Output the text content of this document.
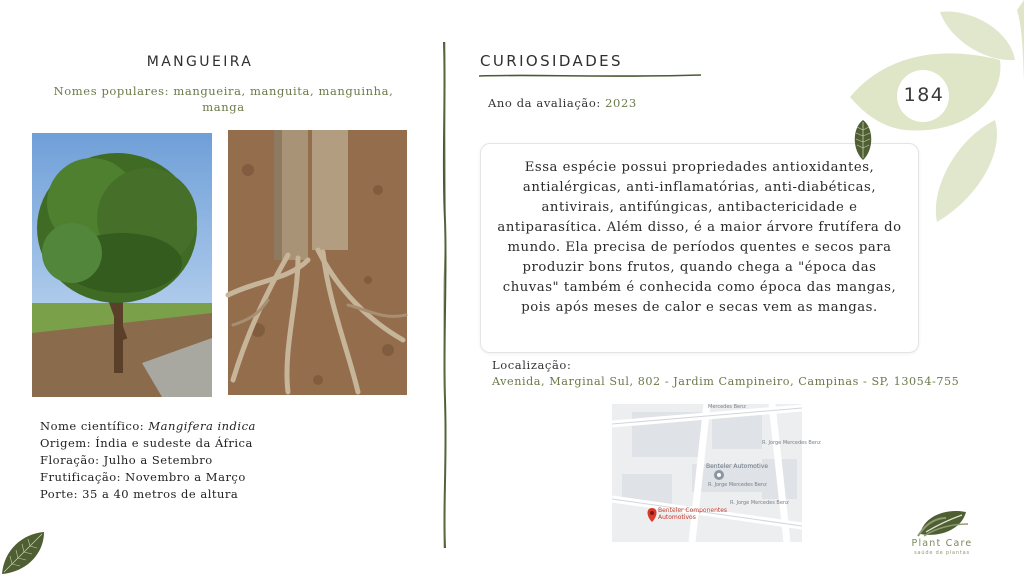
MANGUEIRA
Nomes populares: mangueira, manguita, manguinha, manga
Nome científico: Mangifera indica
Origem: Índia e sudeste da África
Floração: Julho a Setembro
Frutificação: Novembro a Março
Porte: 35 a 40 metros de altura
CURIOSIDADES
Ano da avaliação: 2023
Essa espécie possui propriedades antioxidantes, antialérgicas, anti-inflamatórias, anti-diabéticas, antivirais, antifúngicas, antibactericidade e antiparasítica. Além disso, é a maior árvore frutífera do mundo. Ela precisa de períodos quentes e secos para produzir bons frutos, quando chega a "época das chuvas" também é conhecida como época das mangas, pois após meses de calor e secas vem as mangas.
Localização:
Avenida, Marginal Sul, 802 - Jardim Campineiro, Campinas - SP, 13054-755
Mercedes Benz
R. Jorge Mercedes Benz
R. Jorge Mercedes Benz
R. Jorge Mercedes Benz
Benteler Automotive
Benteler Componentes Automotivos
184
Plant Care
saúde de plantas
